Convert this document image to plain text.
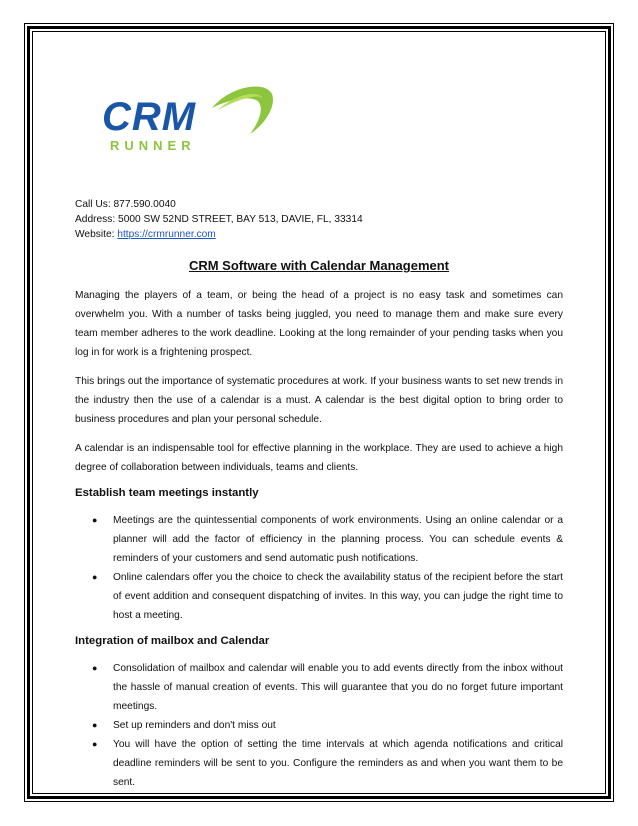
CRM
RUNNER
Call Us: 877.590.0040
Address: 5000 SW 52ND STREET, BAY 513, DAVIE, FL, 33314
Website: https://crmrunner.com
CRM Software with Calendar Management

Managing the players of a team, or being the head of a project is no easy task and sometimes can overwhelm you. With a number of tasks being juggled, you need to manage them and make sure every team member adheres to the work deadline. Looking at the long remainder of your pending tasks when you log in for work is a frightening prospect.

This brings out the importance of systematic procedures at work. If your business wants to set new trends in the industry then the use of a calendar is a must. A calendar is the best digital option to bring order to business procedures and plan your personal schedule.

A calendar is an indispensable tool for effective planning in the workplace. They are used to achieve a high degree of collaboration between individuals, teams and clients.

Establish team meetings instantly
● Meetings are the quintessential components of work environments. Using an online calendar or a planner will add the factor of efficiency in the planning process. You can schedule events & reminders of your customers and send automatic push notifications.
● Online calendars offer you the choice to check the availability status of the recipient before the start of event addition and consequent dispatching of invites. In this way, you can judge the right time to host a meeting.
Integration of mailbox and Calendar
● Consolidation of mailbox and calendar will enable you to add events directly from the inbox without the hassle of manual creation of events. This will guarantee that you do no forget future important meetings.
● Set up reminders and don't miss out
● You will have the option of setting the time intervals at which agenda notifications and critical deadline reminders will be sent to you. Configure the reminders as and when you want them to be sent.
